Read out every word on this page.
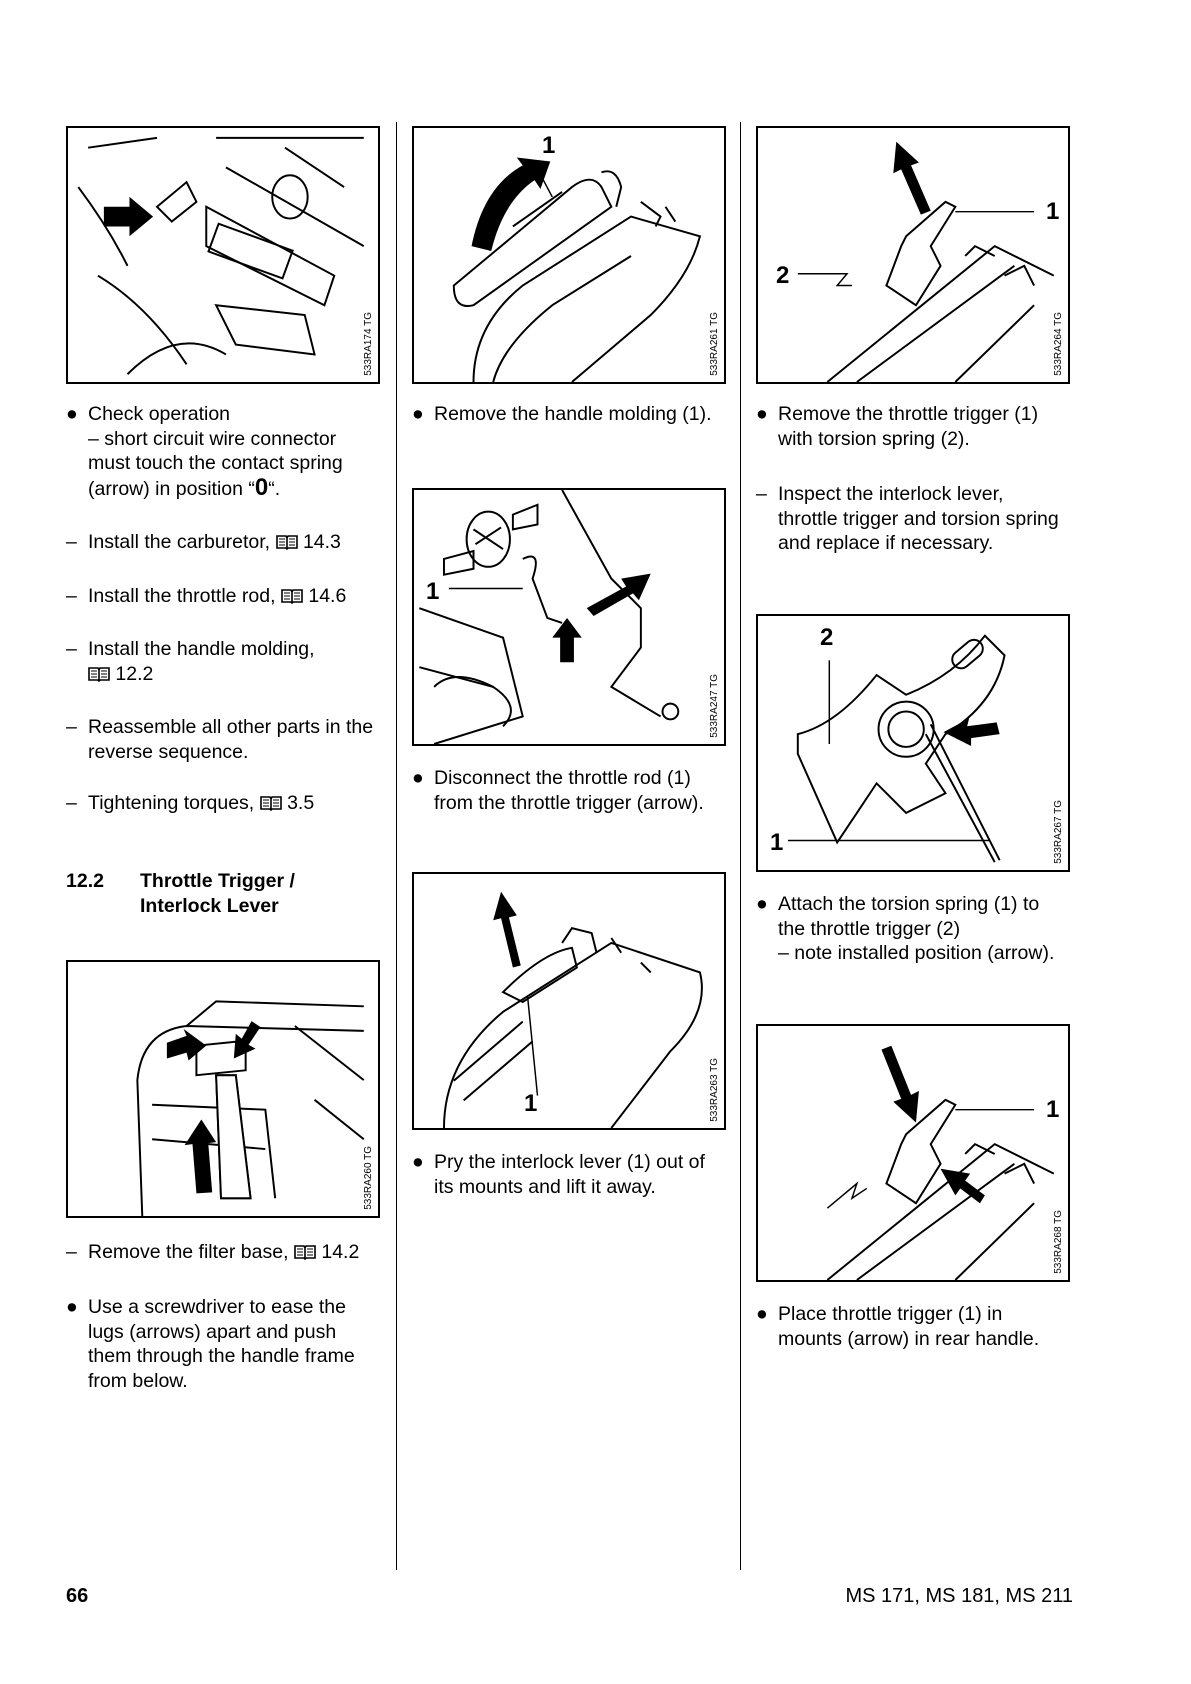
533RA174 TG
● Check operation
– short circuit wire connector
must touch the contact spring
(arrow) in position “0“.
– Install the carburetor,  14.3
– Install the throttle rod,  14.6
– Install the handle molding,
12.2
– Reassemble all other parts in the
reverse sequence.
– Tightening torques,  3.5
12.2 Throttle Trigger /
Interlock Lever
533RA260 TG
– Remove the filter base,  14.2
● Use a screwdriver to ease the
lugs (arrows) apart and push
them through the handle frame
from below.
1
533RA261 TG
● Remove the handle molding (1).
1
533RA247 TG
● Disconnect the throttle rod (1)
from the throttle trigger (arrow).
1	533RA263 TG
● Pry the interlock lever (1) out of
its mounts and lift it away.
1
2
533RA264 TG
● Remove the throttle trigger (1)
with torsion spring (2).
– Inspect the interlock lever,
throttle trigger and torsion spring
and replace if necessary.
2
1	533RA267 TG
● Attach the torsion spring (1) to
the throttle trigger (2)
– note installed position (arrow).
1
533RA268 TG
● Place throttle trigger (1) in
mounts (arrow) in rear handle.
66	MS 171, MS 181, MS 211
